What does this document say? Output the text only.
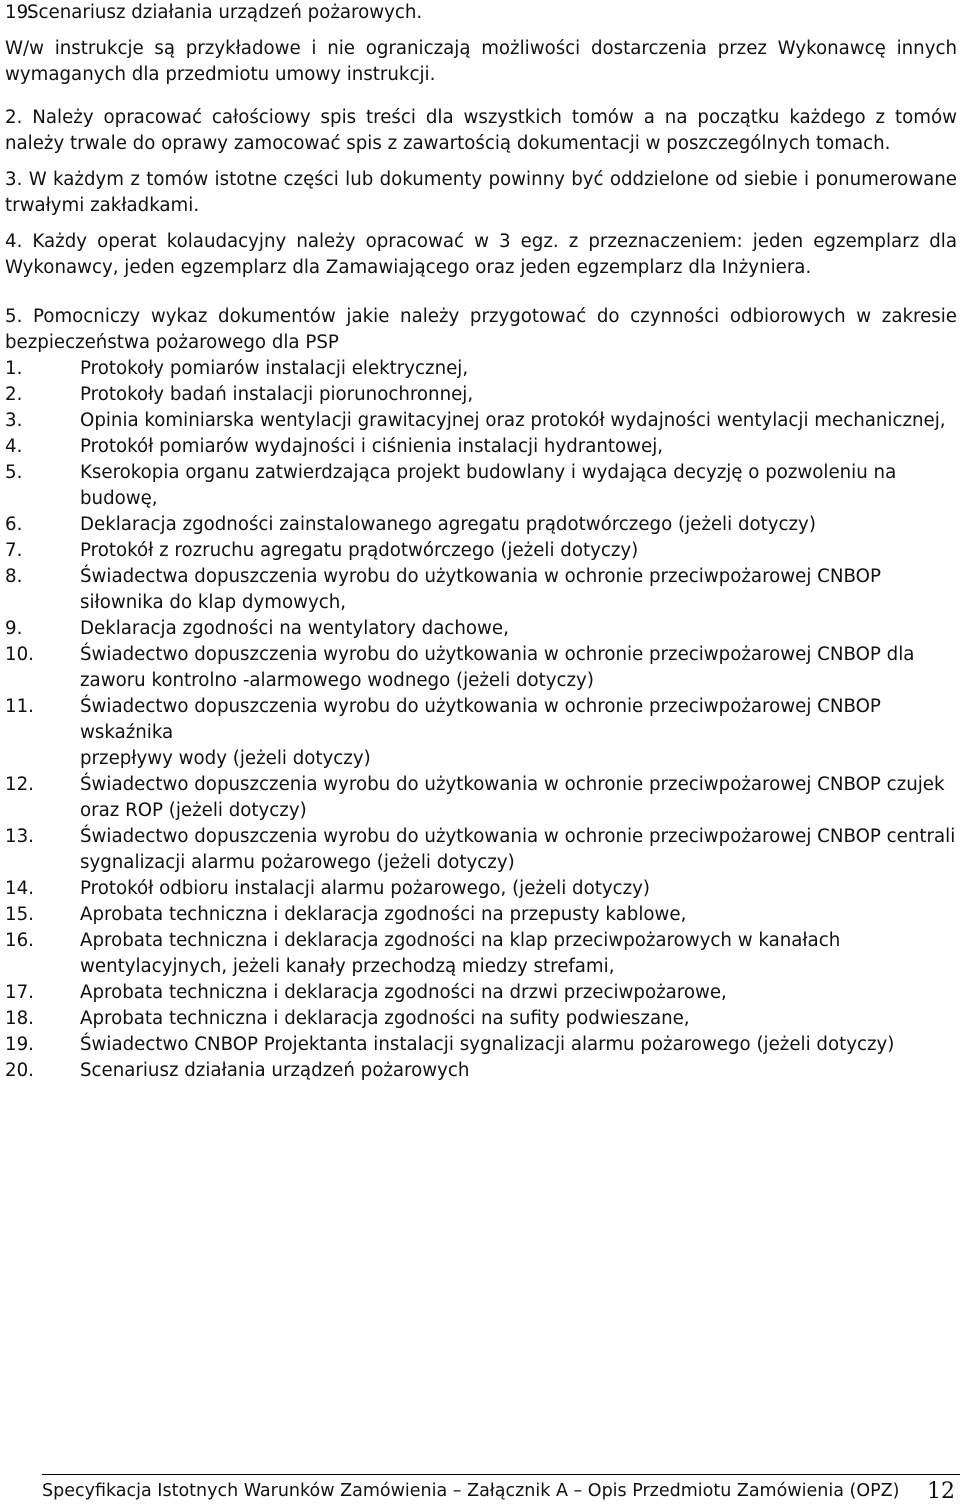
19.
Scenariusz działania urządzeń pożarowych.

W/w instrukcje są przykładowe i nie ograniczają możliwości dostarczenia przez Wykonawcę innych wymaganych dla przedmiotu umowy instrukcji.

2. Należy opracować całościowy spis treści dla wszystkich tomów a na początku każdego z tomów należy trwale do oprawy zamocować spis z zawartością dokumentacji w poszczególnych tomach.

3. W każdym z tomów istotne części lub dokumenty powinny być oddzielone od siebie i ponumerowane trwałymi zakładkami.

4. Każdy operat kolaudacyjny należy opracować w 3 egz. z przeznaczeniem: jeden egzemplarz dla Wykonawcy, jeden egzemplarz dla Zamawiającego oraz jeden egzemplarz dla Inżyniera.

5. Pomocniczy wykaz dokumentów jakie należy przygotować do czynności odbiorowych w zakresie bezpieczeństwa pożarowego dla PSP

1.	Protokoły pomiarów instalacji elektrycznej,
2.	Protokoły badań instalacji piorunochronnej,
3.	Opinia kominiarska wentylacji grawitacyjnej oraz protokół wydajności wentylacji mechanicznej,
4.	Protokół pomiarów wydajności i ciśnienia instalacji hydrantowej,
5.	Kserokopia organu zatwierdzająca projekt budowlany i wydająca decyzję o pozwoleniu na budowę,
6.	Deklaracja zgodności zainstalowanego agregatu prądotwórczego (jeżeli dotyczy)
7.	Protokół z rozruchu agregatu prądotwórczego (jeżeli dotyczy)
8.	Świadectwa dopuszczenia wyrobu do użytkowania w ochronie przeciwpożarowej CNBOP siłownika do klap dymowych,
9.	Deklaracja zgodności na wentylatory dachowe,
10.	Świadectwo dopuszczenia wyrobu do użytkowania w ochronie przeciwpożarowej CNBOP dla zaworu kontrolno -alarmowego wodnego (jeżeli dotyczy)
11.	Świadectwo dopuszczenia wyrobu do użytkowania w ochronie przeciwpożarowej CNBOP wskaźnika
przepływy wody (jeżeli dotyczy)
12.	Świadectwo dopuszczenia wyrobu do użytkowania w ochronie przeciwpożarowej CNBOP czujek oraz ROP (jeżeli dotyczy)
13.	Świadectwo dopuszczenia wyrobu do użytkowania w ochronie przeciwpożarowej CNBOP centrali sygnalizacji alarmu pożarowego (jeżeli dotyczy)
14.	Protokół odbioru instalacji alarmu pożarowego, (jeżeli dotyczy)
15.	Aprobata techniczna i deklaracja zgodności na przepusty kablowe,
16.	Aprobata techniczna i deklaracja zgodności na klap przeciwpożarowych w kanałach wentylacyjnych, jeżeli kanały przechodzą miedzy strefami,
17.	Aprobata techniczna i deklaracja zgodności na drzwi przeciwpożarowe,
18.	Aprobata techniczna i deklaracja zgodności na sufity podwieszane,
19.	Świadectwo CNBOP Projektanta instalacji sygnalizacji alarmu pożarowego (jeżeli dotyczy)
20.	Scenariusz działania urządzeń pożarowych
Specyfikacja Istotnych Warunków Zamówienia – Załącznik A – Opis Przedmiotu Zamówienia (OPZ) 12
